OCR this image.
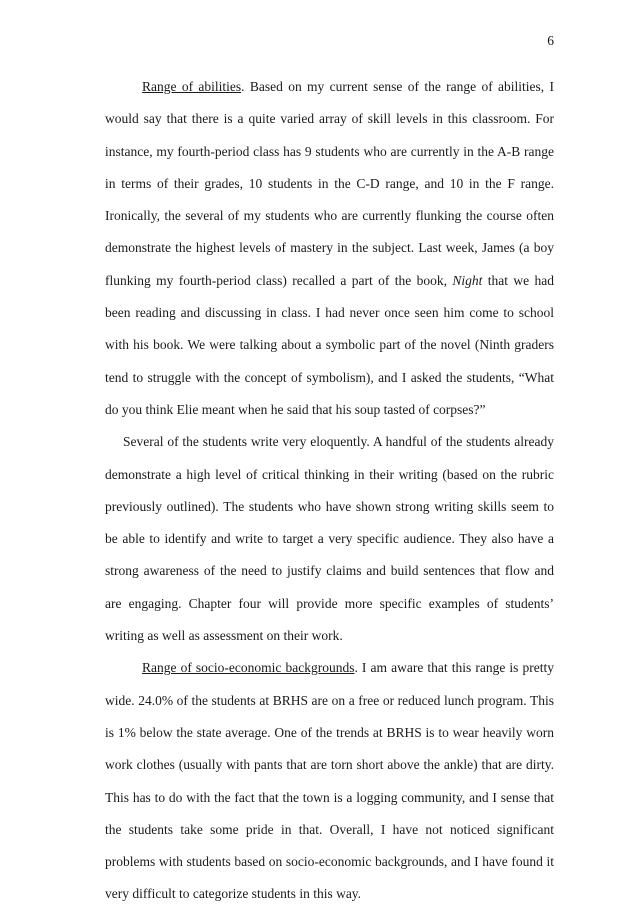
6

Range of abilities. Based on my current sense of the range of abilities, I would say that there is a quite varied array of skill levels in this classroom. For instance, my fourth-period class has 9 students who are currently in the A-B range in terms of their grades, 10 students in the C-D range, and 10 in the F range. Ironically, the several of my students who are currently flunking the course often demonstrate the highest levels of mastery in the subject. Last week, James (a boy flunking my fourth-period class) recalled a part of the book, Night that we had been reading and discussing in class. I had never once seen him come to school with his book. We were talking about a symbolic part of the novel (Ninth graders tend to struggle with the concept of symbolism), and I asked the students, “What do you think Elie meant when he said that his soup tasted of corpses?”

Several of the students write very eloquently. A handful of the students already demonstrate a high level of critical thinking in their writing (based on the rubric previously outlined). The students who have shown strong writing skills seem to be able to identify and write to target a very specific audience. They also have a strong awareness of the need to justify claims and build sentences that flow and are engaging. Chapter four will provide more specific examples of students’ writing as well as assessment on their work.

Range of socio-economic backgrounds. I am aware that this range is pretty wide. 24.0% of the students at BRHS are on a free or reduced lunch program. This is 1% below the state average. One of the trends at BRHS is to wear heavily worn work clothes (usually with pants that are torn short above the ankle) that are dirty. This has to do with the fact that the town is a logging community, and I sense that the students take some pride in that. Overall, I have not noticed significant problems with students based on socio-economic backgrounds, and I have found it very difficult to categorize students in this way.
